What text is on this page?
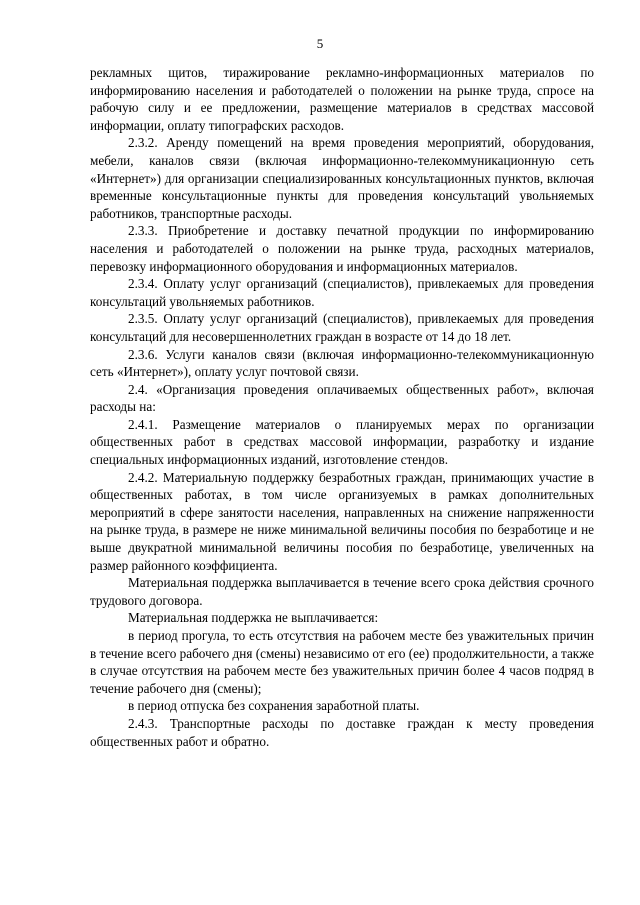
5

рекламных щитов, тиражирование рекламно-информационных материалов по информированию населения и работодателей о положении на рынке труда, спросе на рабочую силу и ее предложении, размещение материалов в средствах массовой информации, оплату типографских расходов.

2.3.2. Аренду помещений на время проведения мероприятий, оборудования, мебели, каналов связи (включая информационно-телекоммуникационную сеть «Интернет») для организации специализированных консультационных пунктов, включая временные консультационные пункты для проведения консультаций увольняемых работников, транспортные расходы.

2.3.3. Приобретение и доставку печатной продукции по информированию населения и работодателей о положении на рынке труда, расходных материалов, перевозку информационного оборудования и информационных материалов.

2.3.4. Оплату услуг организаций (специалистов), привлекаемых для проведения консультаций увольняемых работников.

2.3.5. Оплату услуг организаций (специалистов), привлекаемых для проведения консультаций для несовершеннолетних граждан в возрасте от 14 до 18 лет.

2.3.6. Услуги каналов связи (включая информационно-телекоммуникационную сеть «Интернет»), оплату услуг почтовой связи.

2.4. «Организация проведения оплачиваемых общественных работ», включая расходы на:

2.4.1. Размещение материалов о планируемых мерах по организации общественных работ в средствах массовой информации, разработку и издание специальных информационных изданий, изготовление стендов.

2.4.2. Материальную поддержку безработных граждан, принимающих участие в общественных работах, в том числе организуемых в рамках дополнительных мероприятий в сфере занятости населения, направленных на снижение напряженности на рынке труда, в размере не ниже минимальной величины пособия по безработице и не выше двукратной минимальной величины пособия по безработице, увеличенных на размер районного коэффициента.

Материальная поддержка выплачивается в течение всего срока действия срочного трудового договора.

Материальная поддержка не выплачивается:

в период прогула, то есть отсутствия на рабочем месте без уважительных причин в течение всего рабочего дня (смены) независимо от его (ее) продолжительности, а также в случае отсутствия на рабочем месте без уважительных причин более 4 часов подряд в течение рабочего дня (смены);

в период отпуска без сохранения заработной платы.

2.4.3. Транспортные расходы по доставке граждан к месту проведения общественных работ и обратно.
